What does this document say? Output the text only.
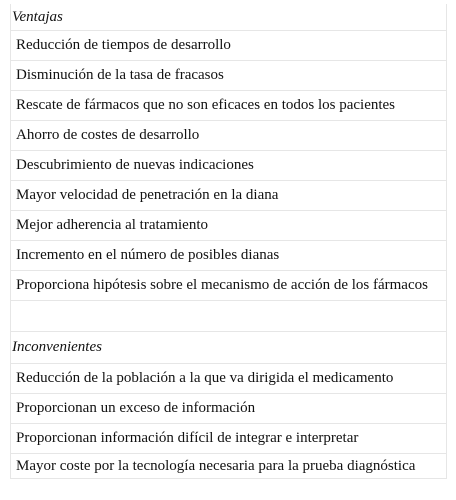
Ventajas
Reducción de tiempos de desarrollo
Disminución de la tasa de fracasos
Rescate de fármacos que no son eficaces en todos los pacientes
Ahorro de costes de desarrollo
Descubrimiento de nuevas indicaciones
Mayor velocidad de penetración en la diana
Mejor adherencia al tratamiento
Incremento en el número de posibles dianas
Proporciona hipótesis sobre el mecanismo de acción de los fármacos
Inconvenientes
Reducción de la población a la que va dirigida el medicamento
Proporcionan un exceso de información
Proporcionan información difícil de integrar e interpretar
Mayor coste por la tecnología necesaria para la prueba diagnóstica
